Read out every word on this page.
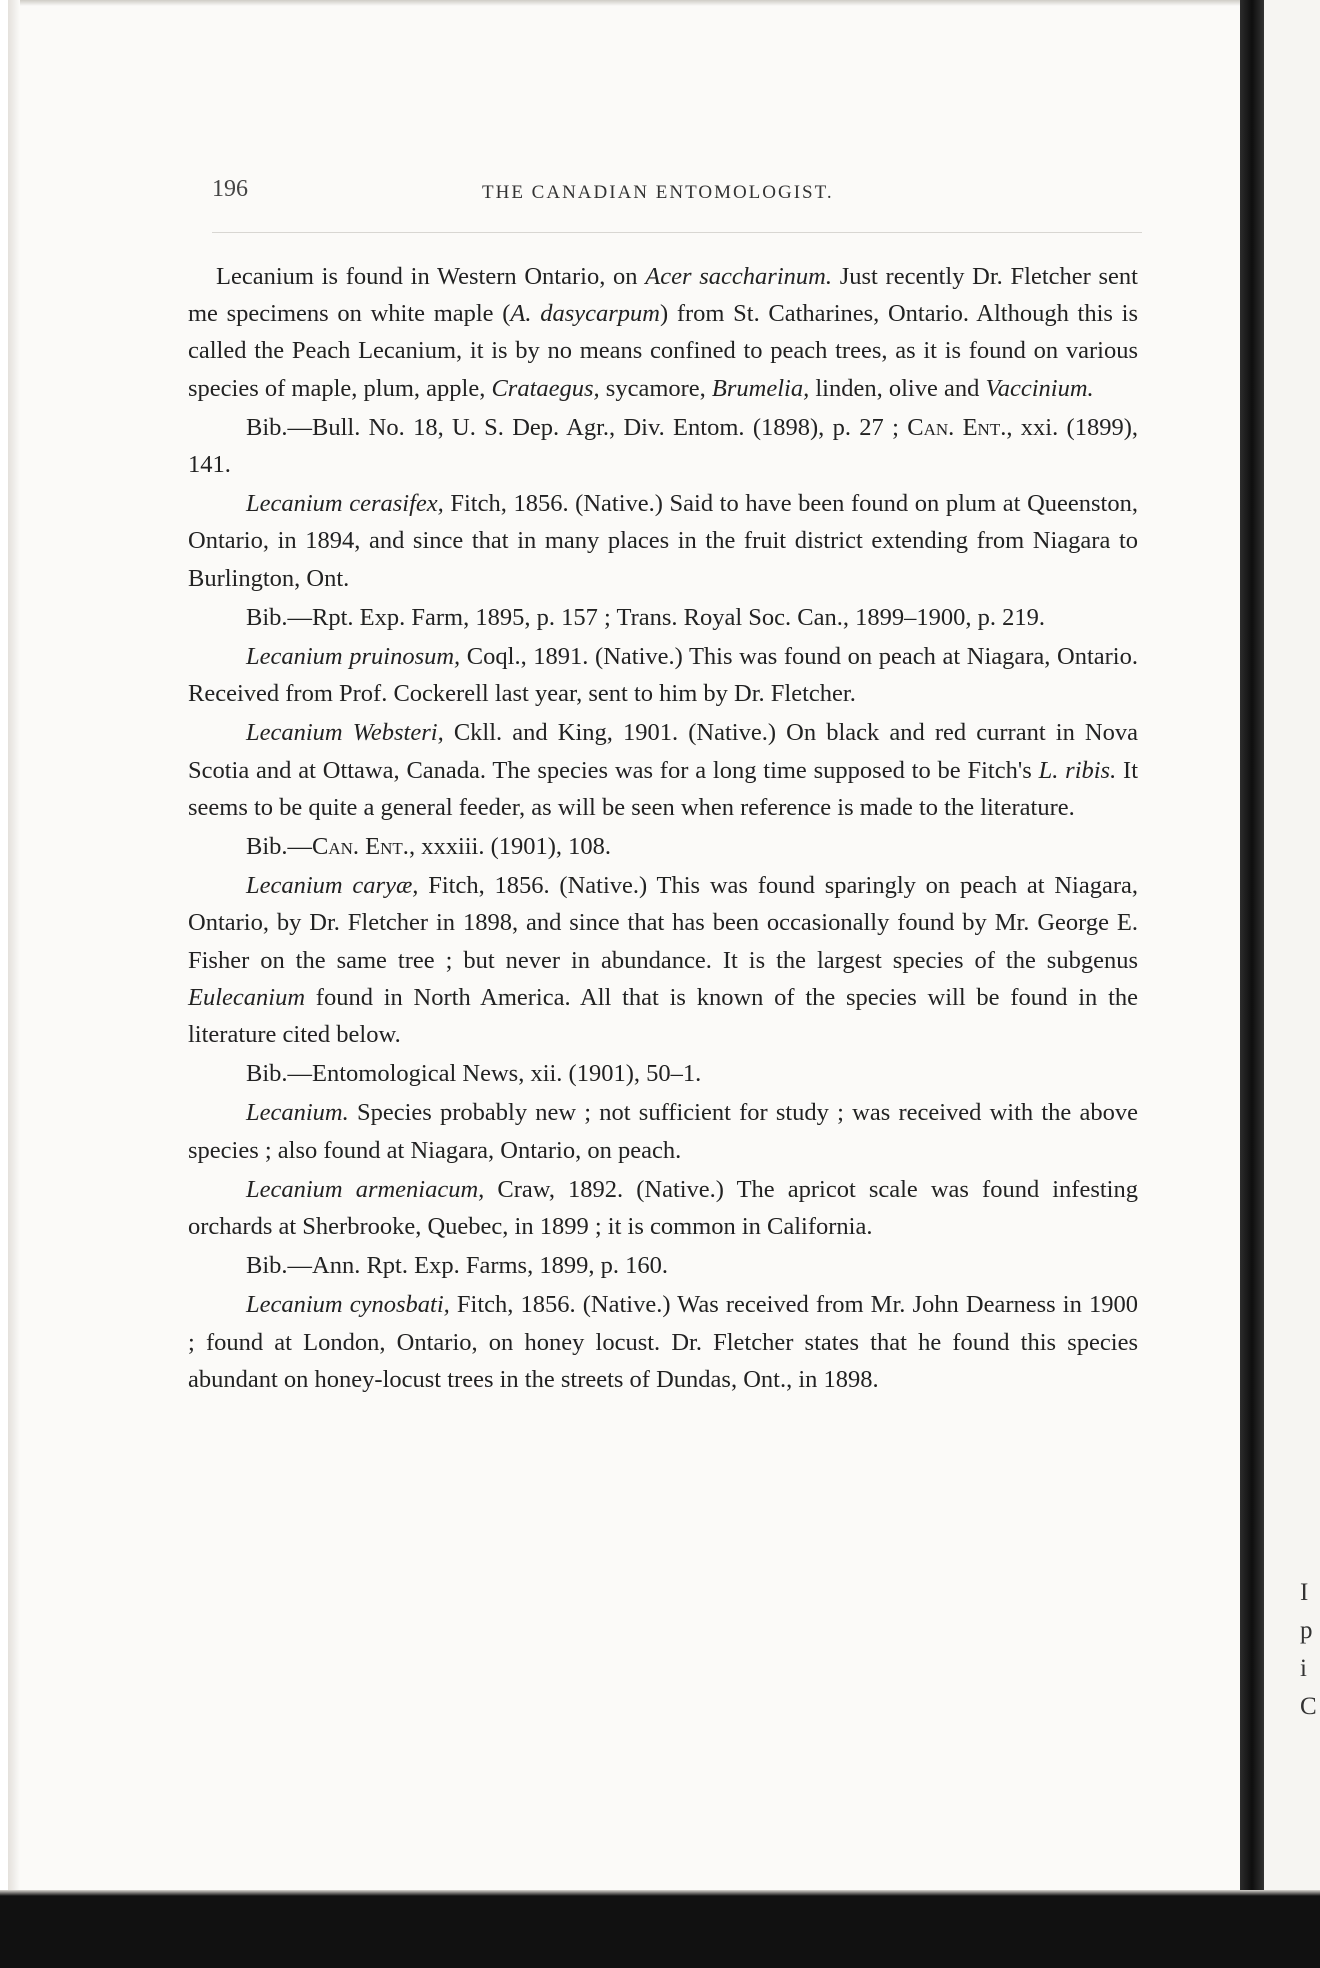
I
p
i
C
196	THE CANADIAN ENTOMOLOGIST.

Lecanium is found in Western Ontario, on Acer saccharinum. Just recently Dr. Fletcher sent me specimens on white maple (A. dasycarpum) from St. Catharines, Ontario. Although this is called the Peach Lecanium, it is by no means confined to peach trees, as it is found on various species of maple, plum, apple, Crataegus, sycamore, Brumelia, linden, olive and Vaccinium.

Bib.—Bull. No. 18, U. S. Dep. Agr., Div. Entom. (1898), p. 27 ; Can. Ent., xxi. (1899), 141.

Lecanium cerasifex, Fitch, 1856. (Native.) Said to have been found on plum at Queenston, Ontario, in 1894, and since that in many places in the fruit district extending from Niagara to Burlington, Ont.

Bib.—Rpt. Exp. Farm, 1895, p. 157 ; Trans. Royal Soc. Can., 1899–1900, p. 219.

Lecanium pruinosum, Coql., 1891. (Native.) This was found on peach at Niagara, Ontario. Received from Prof. Cockerell last year, sent to him by Dr. Fletcher.

Lecanium Websteri, Ckll. and King, 1901. (Native.) On black and red currant in Nova Scotia and at Ottawa, Canada. The species was for a long time supposed to be Fitch's L. ribis. It seems to be quite a general feeder, as will be seen when reference is made to the literature.

Bib.—Can. Ent., xxxiii. (1901), 108.

Lecanium caryæ, Fitch, 1856. (Native.) This was found sparingly on peach at Niagara, Ontario, by Dr. Fletcher in 1898, and since that has been occasionally found by Mr. George E. Fisher on the same tree ; but never in abundance. It is the largest species of the subgenus Eulecanium found in North America. All that is known of the species will be found in the literature cited below.

Bib.—Entomological News, xii. (1901), 50–1.

Lecanium. Species probably new ; not sufficient for study ; was received with the above species ; also found at Niagara, Ontario, on peach.

Lecanium armeniacum, Craw, 1892. (Native.) The apricot scale was found infesting orchards at Sherbrooke, Quebec, in 1899 ; it is common in California.

Bib.—Ann. Rpt. Exp. Farms, 1899, p. 160.

Lecanium cynosbati, Fitch, 1856. (Native.) Was received from Mr. John Dearness in 1900 ; found at London, Ontario, on honey locust. Dr. Fletcher states that he found this species abundant on honey-locust trees in the streets of Dundas, Ont., in 1898.
